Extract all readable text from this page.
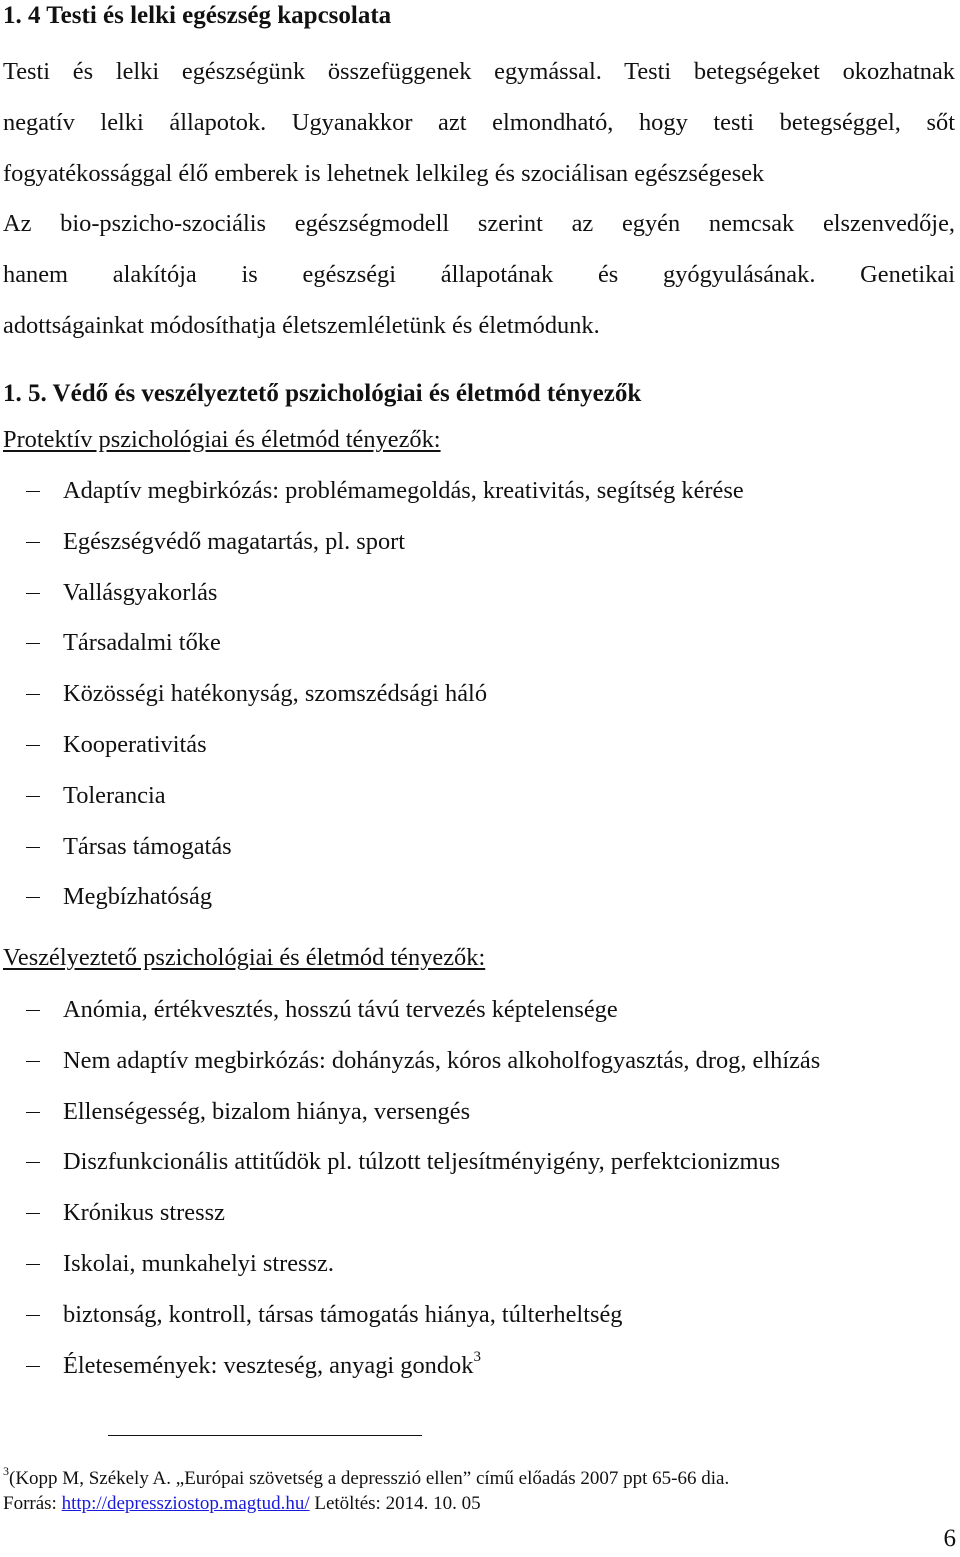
1. 4 Testi és lelki egészség kapcsolata
Testi és lelki egészségünk összefüggenek egymással. Testi betegségeket okozhatnak
negatív lelki állapotok. Ugyanakkor azt elmondható, hogy testi betegséggel, sőt
fogyatékossággal élő emberek is lehetnek lelkileg és szociálisan egészségesek
Az bio-pszicho-szociális egészségmodell szerint az egyén nemcsak elszenvedője,
hanem alakítója is egészségi állapotának és gyógyulásának. Genetikai
adottságainkat módosíthatja életszemléletünk és életmódunk.
1. 5. Védő és veszélyeztető pszichológiai és életmód tényezők
Protektív pszichológiai és életmód tényezők:
Adaptív megbirkózás: problémamegoldás, kreativitás, segítség kérése
Egészségvédő magatartás, pl. sport
Vallásgyakorlás
Társadalmi tőke
Közösségi hatékonyság, szomszédsági háló
Kooperativitás
Tolerancia
Társas támogatás
Megbízhatóság
Veszélyeztető pszichológiai és életmód tényezők:
Anómia, értékvesztés, hosszú távú tervezés képtelensége
Nem adaptív megbirkózás: dohányzás, kóros alkoholfogyasztás, drog, elhízás
Ellenségesség, bizalom hiánya, versengés
Diszfunkcionális attitűdök pl. túlzott teljesítményigény, perfektcionizmus
Krónikus stressz
Iskolai, munkahelyi stressz.
biztonság, kontroll, társas támogatás hiánya, túlterheltség
Életesemények: veszteség, anyagi gondok$^3$
$^3$(Kopp M, Székely A. „Európai szövetség a depresszió ellen” című előadás 2007 ppt 65-66 dia.
Forrás: http://depressziostop.magtud.hu/ Letöltés: 2014. 10. 05
6
